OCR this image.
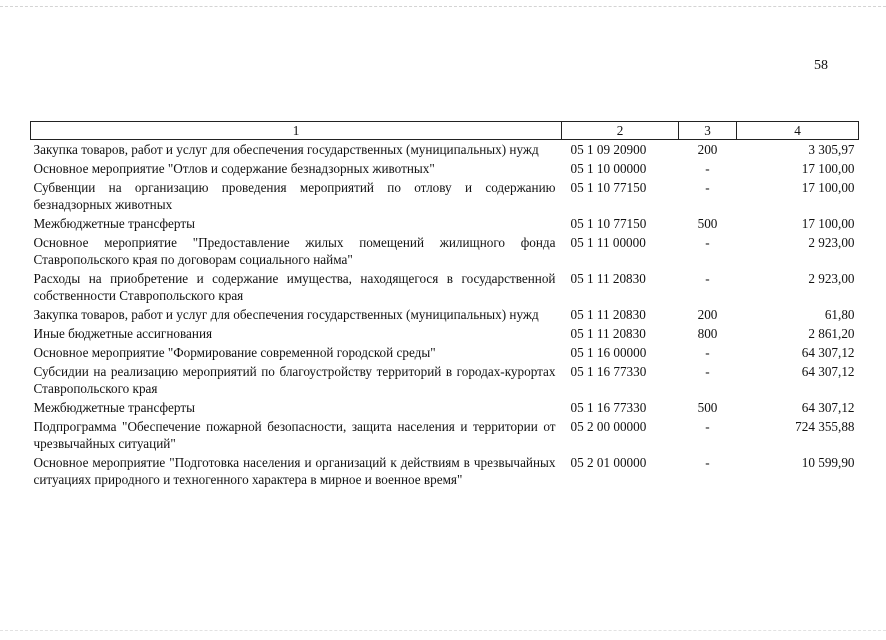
58
1	2	3	4
Закупка товаров, работ и услуг для обеспечения государственных (муниципальных) нужд	05 1 09 20900	200	3 305,97
Основное мероприятие "Отлов и содержание безнадзорных животных"	05 1 10 00000	-	17 100,00
Субвенции на организацию проведения мероприятий по отлову и содержанию безнадзорных животных	05 1 10 77150	-	17 100,00
Межбюджетные трансферты	05 1 10 77150	500	17 100,00
Основное мероприятие "Предоставление жилых помещений жилищного фонда Ставропольского края по договорам социального найма"	05 1 11 00000	-	2 923,00
Расходы на приобретение и содержание имущества, находящегося в государственной собственности Ставропольского края	05 1 11 20830	-	2 923,00
Закупка товаров, работ и услуг для обеспечения государственных (муниципальных) нужд	05 1 11 20830	200	61,80
Иные бюджетные ассигнования	05 1 11 20830	800	2 861,20
Основное мероприятие "Формирование современной городской среды"	05 1 16 00000	-	64 307,12
Субсидии на реализацию мероприятий по благоустройству территорий в городах-курортах Ставропольского края	05 1 16 77330	-	64 307,12
Межбюджетные трансферты	05 1 16 77330	500	64 307,12
Подпрограмма "Обеспечение пожарной безопасности, защита населения и территории от чрезвычайных ситуаций"	05 2 00 00000	-	724 355,88
Основное мероприятие "Подготовка населения и организаций к действиям в чрезвычайных ситуациях природного и техногенного характера в мирное и военное время"	05 2 01 00000	-	10 599,90
